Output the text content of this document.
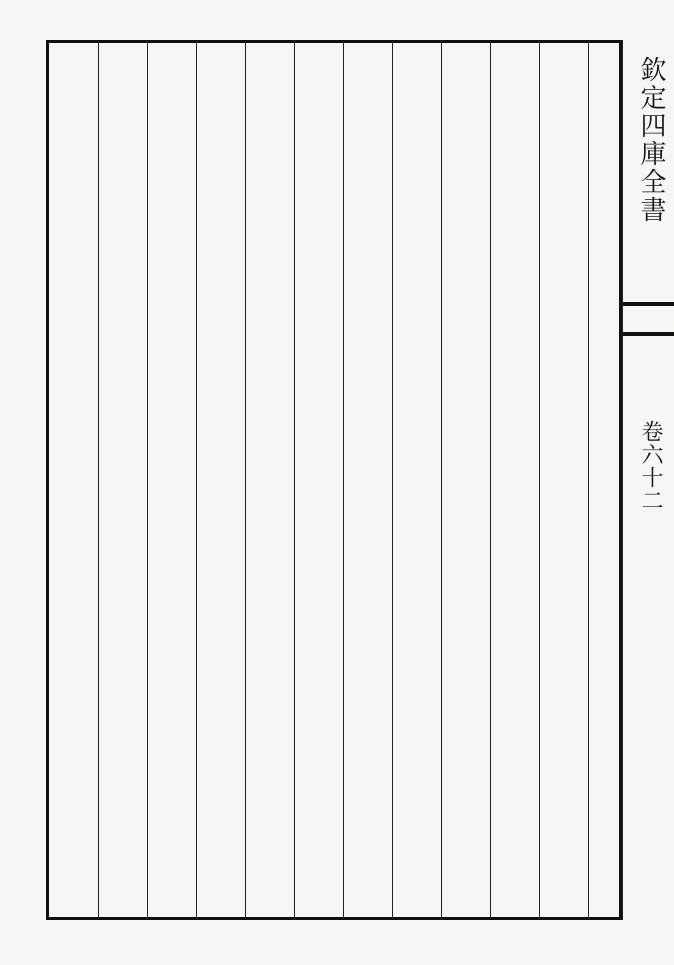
欽定四庫全書
卷六十二
